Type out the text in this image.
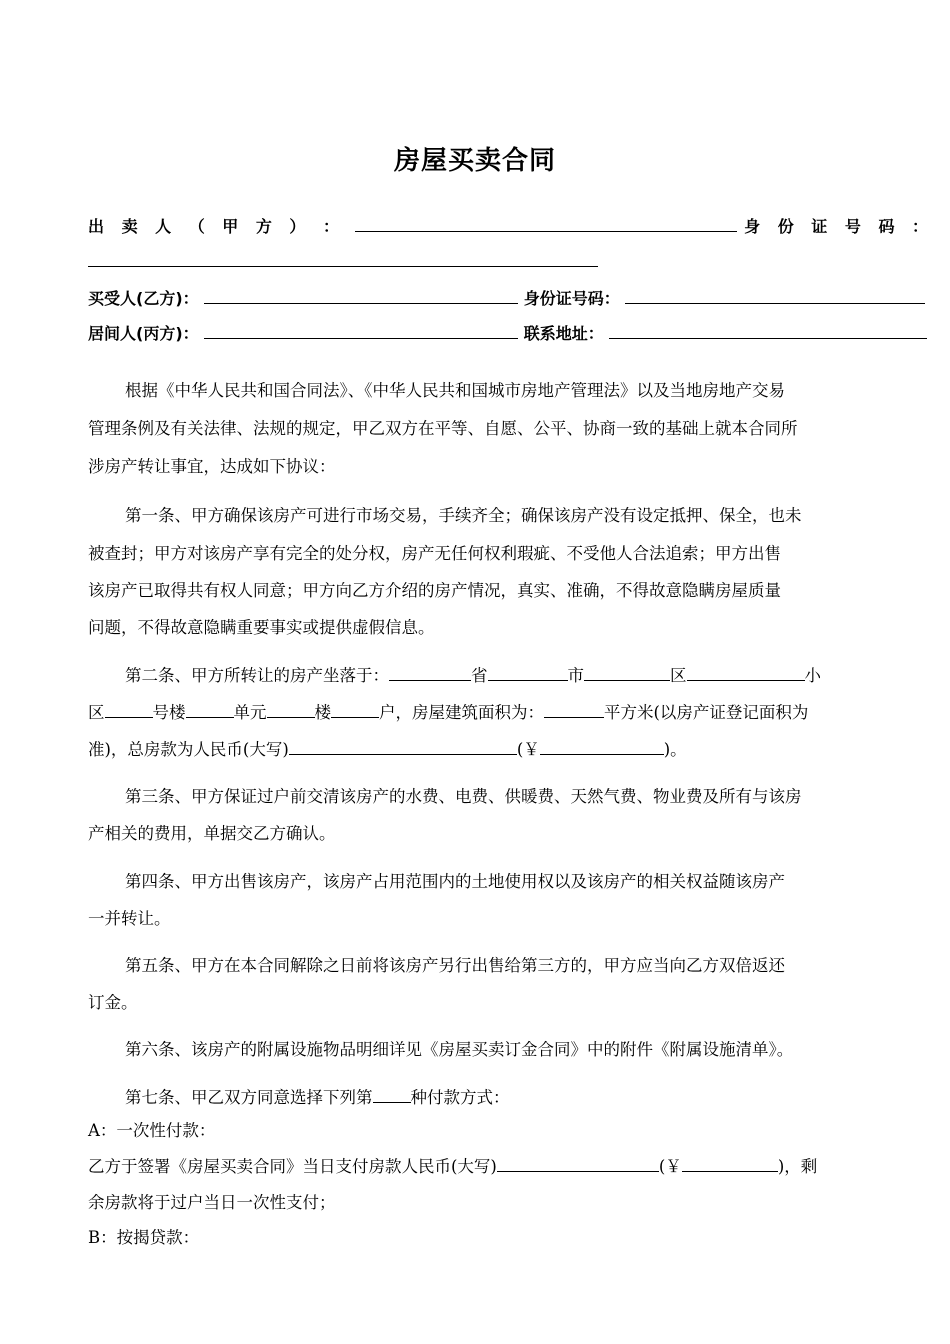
房屋买卖合同
出 卖 人 （ 甲 方 ） ：	身 份 证 号 码 ：
买受人(乙方)：	身份证号码：
居间人(丙方)：	联系地址：
根据《中华人民共和国合同法》、《中华人民共和国城市房地产管理法》以及当地房地产交易
管理条例及有关法律、法规的规定，甲乙双方在平等、自愿、公平、协商一致的基础上就本合同所
涉房产转让事宜，达成如下协议：
第一条、甲方确保该房产可进行市场交易，手续齐全；确保该房产没有设定抵押、保全，也未
被查封；甲方对该房产享有完全的处分权，房产无任何权利瑕疵、不受他人合法追索；甲方出售
该房产已取得共有权人同意；甲方向乙方介绍的房产情况，真实、准确，不得故意隐瞒房屋质量
问题，不得故意隐瞒重要事实或提供虚假信息。
第二条、甲方所转让的房产坐落于：	省	市	区	小
区	号楼	单元	楼	户，房屋建筑面积为：	平方米(以房产证登记面积为
准)，总房款为人民币(大写)	(￥	)。
第三条、甲方保证过户前交清该房产的水费、电费、供暖费、天然气费、物业费及所有与该房
产相关的费用，单据交乙方确认。
第四条、甲方出售该房产，该房产占用范围内的土地使用权以及该房产的相关权益随该房产
一并转让。
第五条、甲方在本合同解除之日前将该房产另行出售给第三方的，甲方应当向乙方双倍返还
订金。
第六条、该房产的附属设施物品明细详见《房屋买卖订金合同》中的附件《附属设施清单》。
第七条、甲乙双方同意选择下列第 种付款方式：
A：一次性付款：
乙方于签署《房屋买卖合同》当日支付房款人民币(大写)	(￥	)，剩
余房款将于过户当日一次性支付；
B：按揭贷款：
